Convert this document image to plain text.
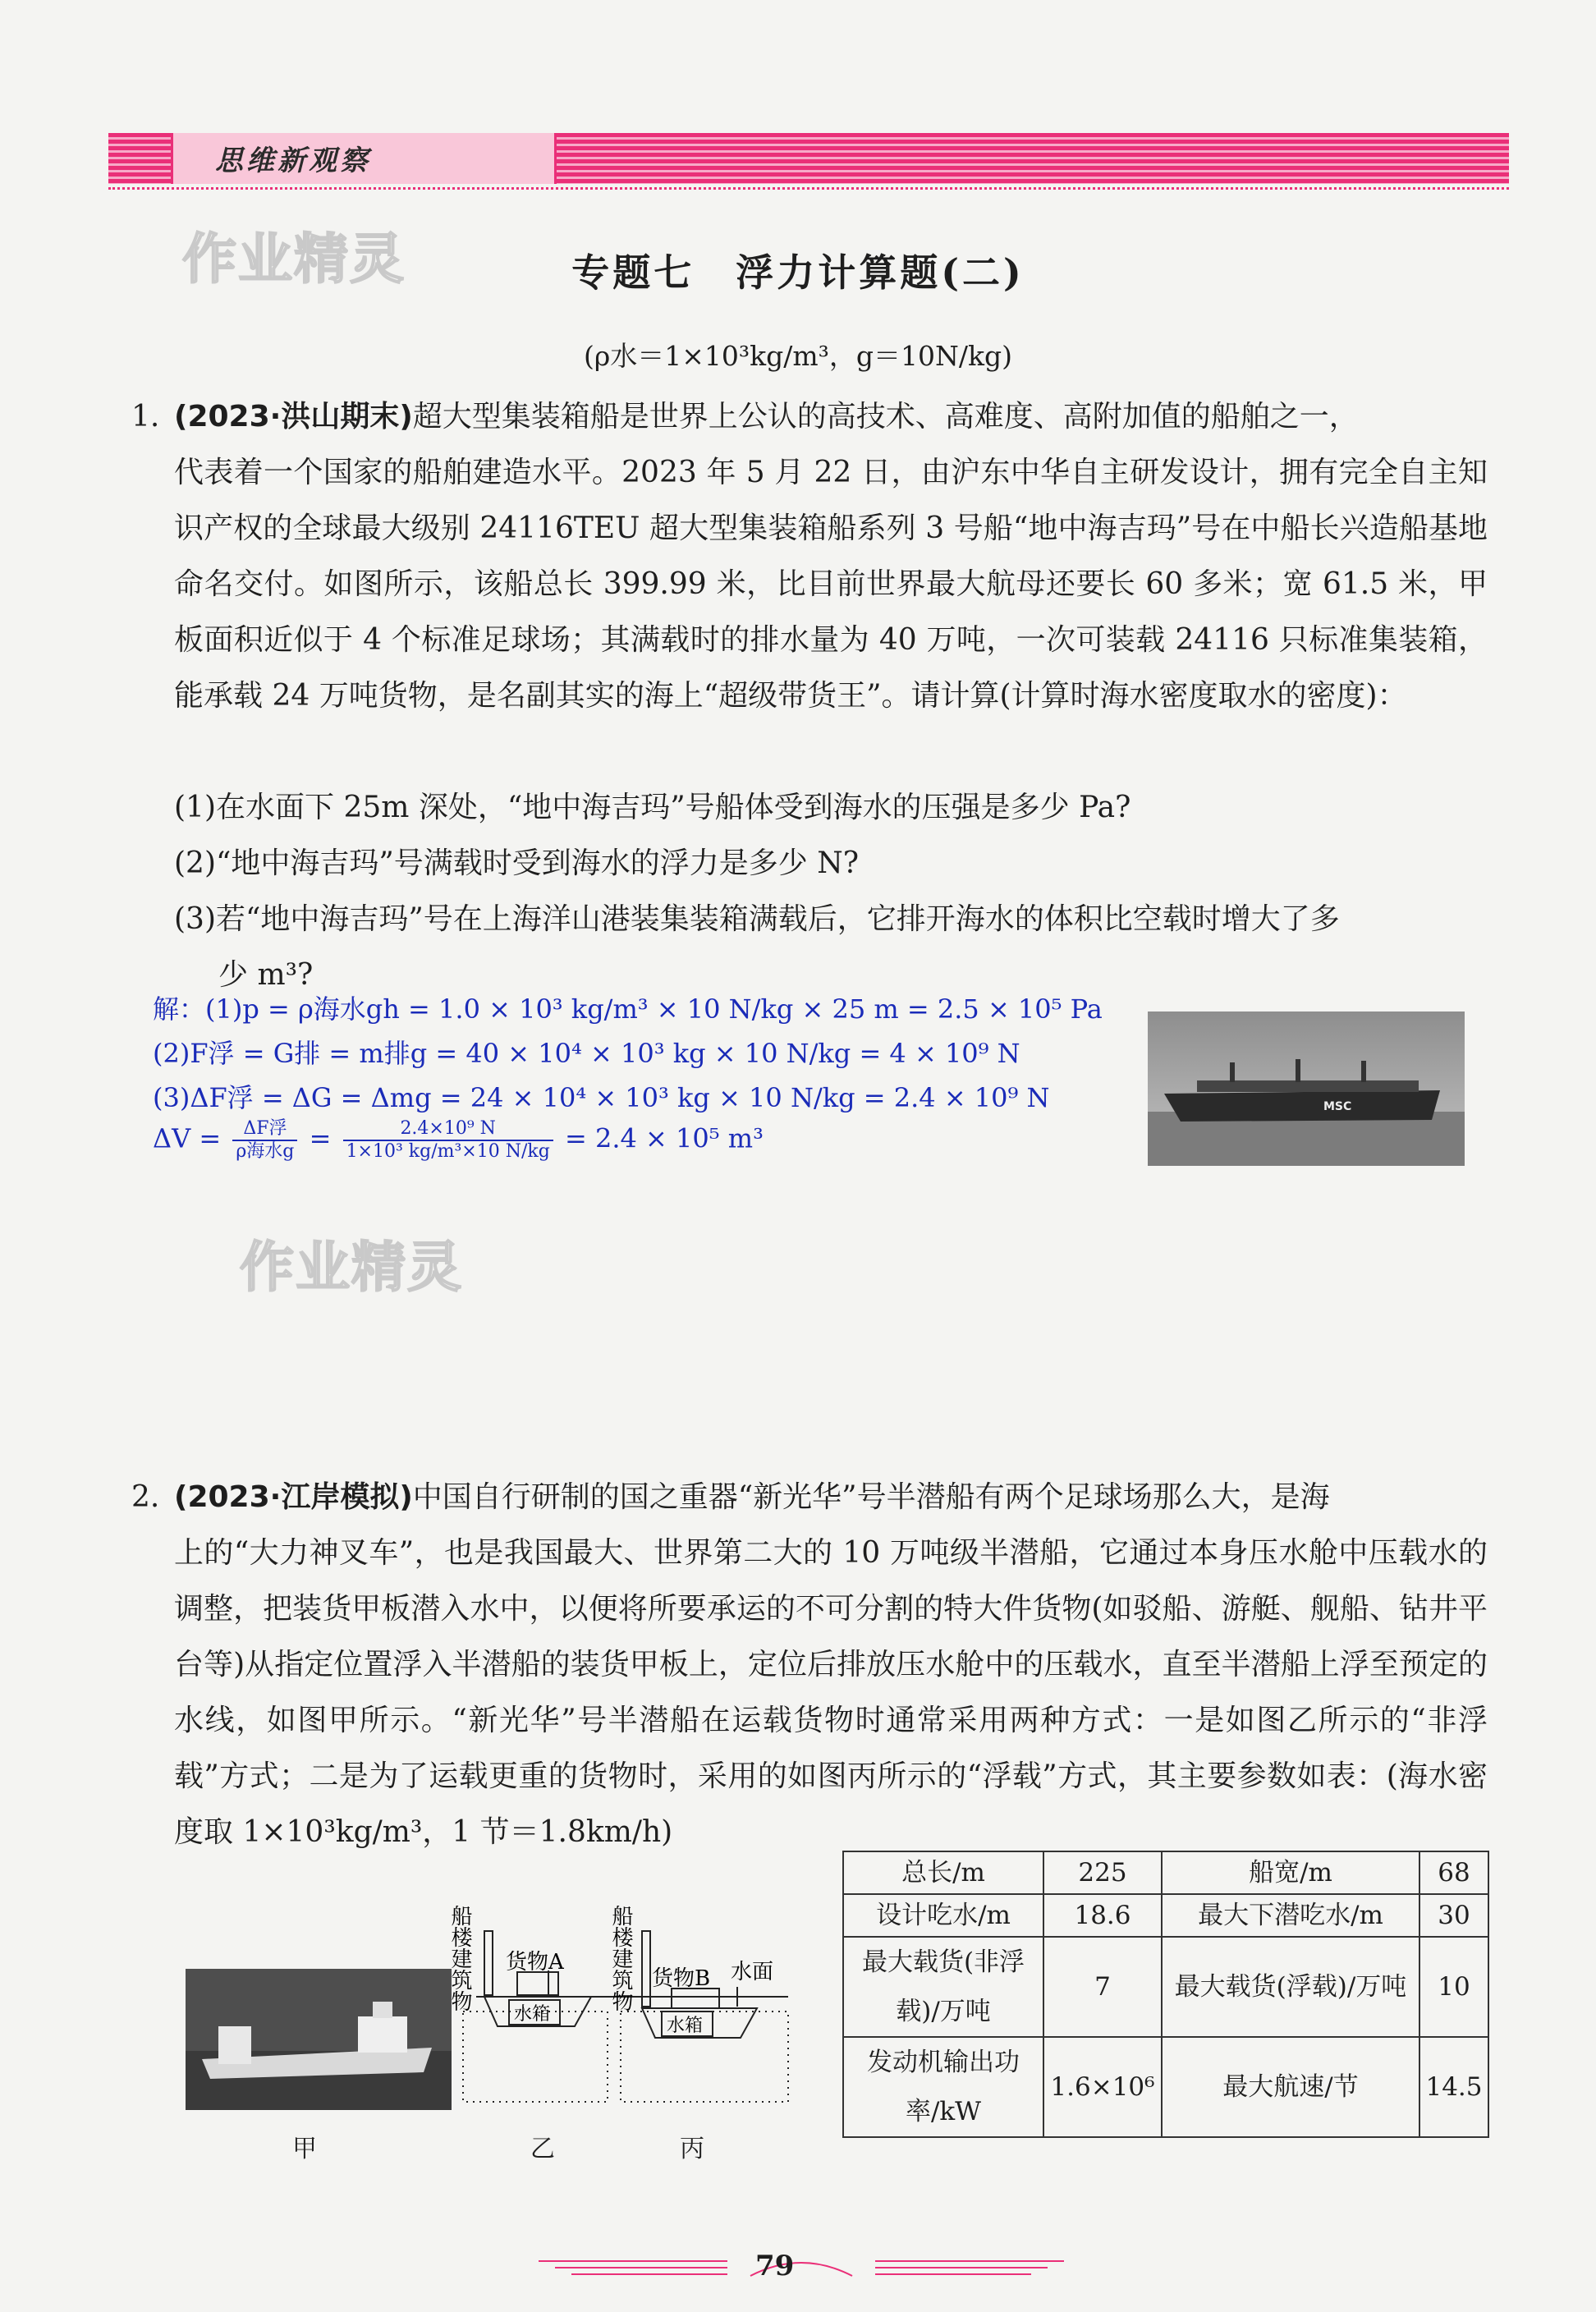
思维新观察
作业精灵
作业精灵
专题七　浮力计算题(二)
(ρ水＝1×10³kg/m³，g＝10N/kg)
1. (2023·洪山期末)超大型集装箱船是世界上公认的高技术、高难度、高附加值的船舶之一，
代表着一个国家的船舶建造水平。2023 年 5 月 22 日，由沪东中华自主研发设计，拥有完全自主知识产权的全球最大级别 24116TEU 超大型集装箱船系列 3 号船“地中海吉玛”号在中船长兴造船基地命名交付。如图所示，该船总长 399.99 米，比目前世界最大航母还要长 60 多米；宽 61.5 米，甲板面积近似于 4 个标准足球场；其满载时的排水量为 40 万吨，一次可装载 24116 只标准集装箱，能承载 24 万吨货物，是名副其实的海上“超级带货王”。请计算(计算时海水密度取水的密度)：
(1)在水面下 25m 深处，“地中海吉玛”号船体受到海水的压强是多少 Pa?
(2)“地中海吉玛”号满载时受到海水的浮力是多少 N?
(3)若“地中海吉玛”号在上海洋山港装集装箱满载后，它排开海水的体积比空载时增大了多
少 m³?
解：(1)p = ρ海水gh = 1.0 × 10³ kg/m³ × 10 N/kg × 25 m = 2.5 × 10⁵ Pa
(2)F浮 = G排 = m排g = 40 × 10⁴ × 10³ kg × 10 N/kg = 4 × 10⁹ N
(3)ΔF浮 = ΔG = Δmg = 24 × 10⁴ × 10³ kg × 10 N/kg = 2.4 × 10⁹ N
$\Delta V = \frac{\text{ΔF浮}}{\text{ρ海水g}} = \frac{\text{2.4×10⁹ N}}{\text{1×10³ kg/m³×10 N/kg}} = 2.4 \times 10^5$ m³
MSC
2. (2023·江岸模拟)中国自行研制的国之重器“新光华”号半潜船有两个足球场那么大，是海
上的“大力神叉车”，也是我国最大、世界第二大的 10 万吨级半潜船，它通过本身压水舱中压载水的调整，把装货甲板潜入水中，以便将所要承运的不可分割的特大件货物(如驳船、游艇、舰船、钻井平台等)从指定位置浮入半潜船的装货甲板上，定位后排放压水舱中的压载水，直至半潜船上浮至预定的水线，如图甲所示。“新光华”号半潜船在运载货物时通常采用两种方式：一是如图乙所示的“非浮载”方式；二是为了运载更重的货物时，采用的如图丙所示的“浮载”方式，其主要参数如表：(海水密度取 1×10³kg/m³，1 节＝1.8km/h)
甲
船楼建筑物	船楼建筑物
货物A
货物B 水面
水箱
水箱
乙	丙
总长/m	225	船宽/m	68
设计吃水/m	18.6	最大下潜吃水/m	30
最大载货(非浮载)/万吨	7	最大载货(浮载)/万吨	10
发动机输出功率/kW	1.6×10⁶	最大航速/节	14.5
79
